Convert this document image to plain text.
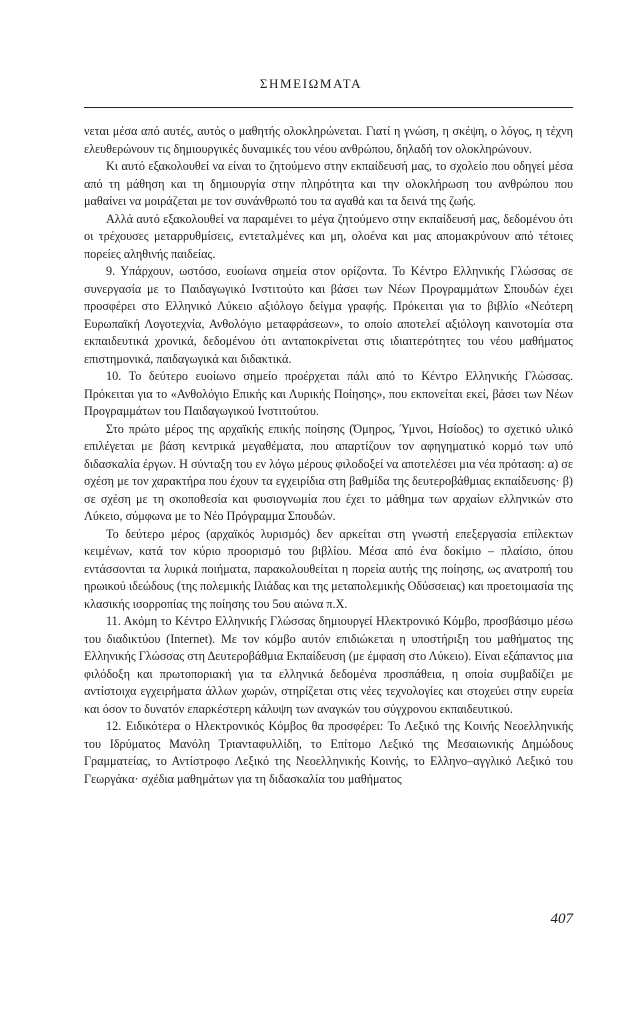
ΣΗΜΕΙΩΜΑΤΑ

νεται μέσα από αυτές, αυτός ο μαθητής ολοκληρώνεται. Γιατί η γνώση, η σκέψη, ο λόγος, η τέχνη ελευθερώνουν τις δημιουργικές δυναμικές του νέου ανθρώπου, δηλαδή τον ολοκληρώνουν.

Κι αυτό εξακολουθεί να είναι το ζητούμενο στην εκπαίδευσή μας, το σχολείο που οδηγεί μέσα από τη μάθηση και τη δημιουργία στην πληρότητα και την ολοκλήρωση του ανθρώπου που μαθαίνει να μοιράζεται με τον συνάνθρωπό του τα αγαθά και τα δεινά της ζωής.

Αλλά αυτό εξακολουθεί να παραμένει το μέγα ζητούμενο στην εκπαίδευσή μας, δεδομένου ότι οι τρέχουσες μεταρρυθμίσεις, εντεταλμένες και μη, ολοένα και μας απομακρύνουν από τέτοιες πορείες αληθινής παιδείας.

9. Υπάρχουν, ωστόσο, ευοίωνα σημεία στον ορίζοντα. Το Κέντρο Ελληνικής Γλώσσας σε συνεργασία με το Παιδαγωγικό Ινστιτούτο και βάσει των Νέων Προγραμμάτων Σπουδών έχει προσφέρει στο Ελληνικό Λύκειο αξιόλογο δείγμα γραφής. Πρόκειται για το βιβλίο «Νεότερη Ευρωπαϊκή Λογοτεχνία, Ανθολόγιο μεταφράσεων», το οποίο αποτελεί αξιόλογη καινοτομία στα εκπαιδευτικά χρονικά, δεδομένου ότι ανταποκρίνεται στις ιδιαιτερότητες του νέου μαθήματος επιστημονικά, παιδαγωγικά και διδακτικά.

10. Το δεύτερο ευοίωνο σημείο προέρχεται πάλι από το Κέντρο Ελληνικής Γλώσσας. Πρόκειται για το «Ανθολόγιο Επικής και Λυρικής Ποίησης», που εκπονείται εκεί, βάσει των Νέων Προγραμμάτων του Παιδαγωγικού Ινστιτούτου.

Στο πρώτο μέρος της αρχαϊκής επικής ποίησης (Όμηρος, Ύμνοι, Ησίοδος) το σχετικό υλικό επιλέγεται με βάση κεντρικά μεγαθέματα, που απαρτίζουν τον αφηγηματικό κορμό των υπό διδασκαλία έργων. Η σύνταξη του εν λόγω μέρους φιλοδοξεί να αποτελέσει μια νέα πρόταση: α) σε σχέση με τον χαρακτήρα που έχουν τα εγχειρίδια στη βαθμίδα της δευτεροβάθμιας εκπαίδευσης· β) σε σχέση με τη σκοποθεσία και φυσιογνωμία που έχει το μάθημα των αρχαίων ελληνικών στο Λύκειο, σύμφωνα με το Νέο Πρόγραμμα Σπουδών.

Το δεύτερο μέρος (αρχαϊκός λυρισμός) δεν αρκείται στη γνωστή επεξεργασία επίλεκτων κειμένων, κατά τον κύριο προορισμό του βιβλίου. Μέσα από ένα δοκίμιο – πλαίσιο, όπου εντάσσονται τα λυρικά ποιήματα, παρακολουθείται η πορεία αυτής της ποίησης, ως ανατροπή του ηρωικού ιδεώδους (της πολεμικής Ιλιάδας και της μεταπολεμικής Οδύσσειας) και προετοιμασία της κλασικής ισορροπίας της ποίησης του 5ου αιώνα π.Χ.

11. Ακόμη το Κέντρο Ελληνικής Γλώσσας δημιουργεί Ηλεκτρονικό Κόμβο, προσβάσιμο μέσω του διαδικτύου (Internet). Με τον κόμβο αυτόν επιδιώκεται η υποστήριξη του μαθήματος της Ελληνικής Γλώσσας στη Δευτεροβάθμια Εκπαίδευση (με έμφαση στο Λύκειο). Είναι εξάπαντος μια φιλόδοξη και πρωτοποριακή για τα ελληνικά δεδομένα προσπάθεια, η οποία συμβαδίζει με αντίστοιχα εγχειρήματα άλλων χωρών, στηρίζεται στις νέες τεχνολογίες και στοχεύει στην ευρεία και όσον το δυνατόν επαρκέστερη κάλυψη των αναγκών του σύγχρονου εκπαιδευτικού.

12. Ειδικότερα ο Ηλεκτρονικός Κόμβος θα προσφέρει: Το Λεξικό της Κοινής Νεοελληνικής του Ιδρύματος Μανόλη Τριανταφυλλίδη, το Επίτομο Λεξικό της Μεσαιωνικής Δημώδους Γραμματείας, το Αντίστροφο Λεξικό της Νεοελληνικής Κοινής, το Ελληνο–αγγλικό Λεξικό του Γεωργάκα· σχέδια μαθημάτων για τη διδασκαλία του μαθήματος

407
